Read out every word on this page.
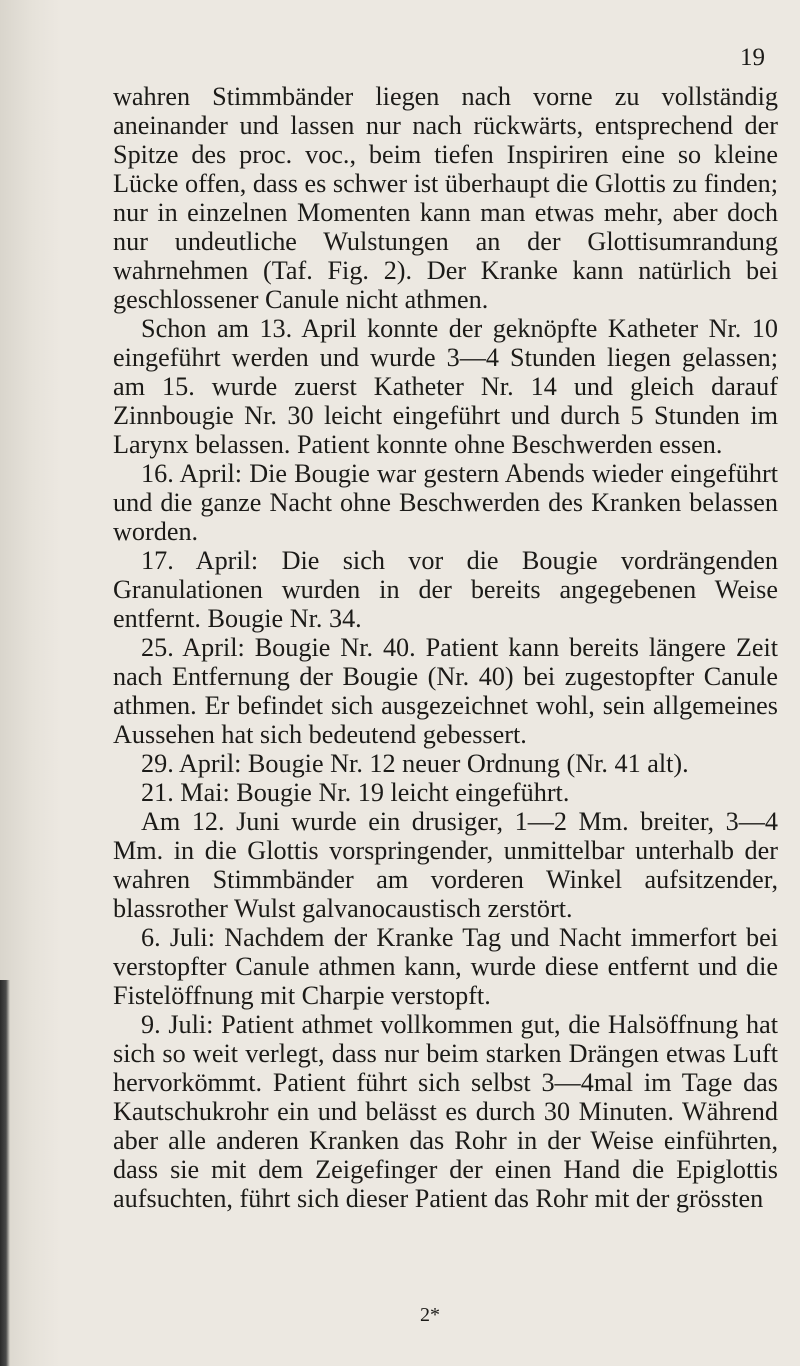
19

wahren Stimmbänder liegen nach vorne zu vollständig aneinander und lassen nur nach rückwärts, entsprechend der Spitze des proc. voc., beim tiefen Inspiriren eine so kleine Lücke offen, dass es schwer ist überhaupt die Glottis zu finden; nur in einzelnen Momenten kann man etwas mehr, aber doch nur undeutliche Wulstungen an der Glottisumrandung wahrnehmen (Taf. Fig. 2). Der Kranke kann natürlich bei geschlossener Canule nicht athmen.

Schon am 13. April konnte der geknöpfte Katheter Nr. 10 eingeführt werden und wurde 3—4 Stunden liegen gelassen; am 15. wurde zuerst Katheter Nr. 14 und gleich darauf Zinnbougie Nr. 30 leicht eingeführt und durch 5 Stunden im Larynx belassen. Patient konnte ohne Beschwerden essen.

16. April: Die Bougie war gestern Abends wieder eingeführt und die ganze Nacht ohne Beschwerden des Kranken belassen worden.

17. April: Die sich vor die Bougie vordrängenden Granulationen wurden in der bereits angegebenen Weise entfernt. Bougie Nr. 34.

25. April: Bougie Nr. 40. Patient kann bereits längere Zeit nach Entfernung der Bougie (Nr. 40) bei zugestopfter Canule athmen. Er befindet sich ausgezeichnet wohl, sein allgemeines Aussehen hat sich bedeutend gebessert.

29. April: Bougie Nr. 12 neuer Ordnung (Nr. 41 alt).

21. Mai: Bougie Nr. 19 leicht eingeführt.

Am 12. Juni wurde ein drusiger, 1—2 Mm. breiter, 3—4 Mm. in die Glottis vorspringender, unmittelbar unterhalb der wahren Stimmbänder am vorderen Winkel aufsitzender, blassrother Wulst galvanocaustisch zerstört.

6. Juli: Nachdem der Kranke Tag und Nacht immerfort bei verstopfter Canule athmen kann, wurde diese entfernt und die Fistelöffnung mit Charpie verstopft.

9. Juli: Patient athmet vollkommen gut, die Halsöffnung hat sich so weit verlegt, dass nur beim starken Drängen etwas Luft hervorkömmt. Patient führt sich selbst 3—4mal im Tage das Kautschukrohr ein und belässt es durch 30 Minuten. Während aber alle anderen Kranken das Rohr in der Weise einführten, dass sie mit dem Zeigefinger der einen Hand die Epiglottis aufsuchten, führt sich dieser Patient das Rohr mit der grössten

2*
